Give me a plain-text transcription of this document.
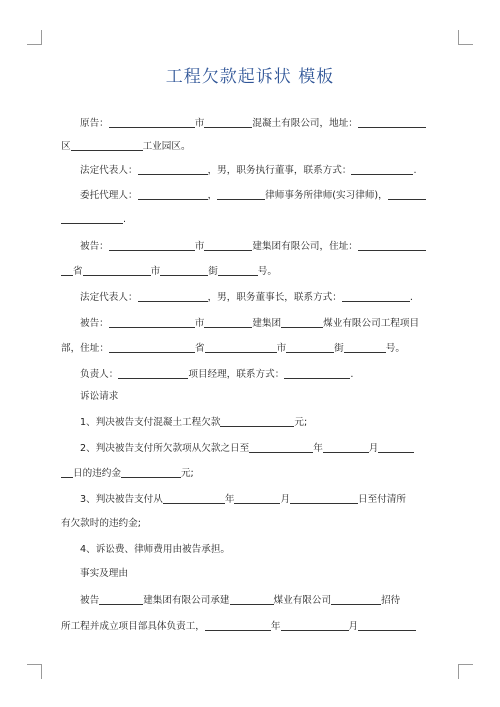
工程欠款起诉状 模板
原告：	市	混凝土有限公司，地址：
区	工业园区。
法定代表人：	，男，职务执行董事，联系方式：	.
委托代理人：	，	律师事务所律师(实习律师)，
.
被告：	市	建集团有限公司，住址：
省	市	街	号。
法定代表人：	，男，职务董事长，联系方式：	.
被告：	市	建集团	煤业有限公司工程项目
部，住址：	省	市	街	号。
负责人：	项目经理，联系方式：	.
诉讼请求
1、判决被告支付混凝土工程欠款	元;
2、判决被告支付所欠款项从欠款之日至	年	月
日的违约金	元;
3、判决被告支付从	年	月	日至付清所
有欠款时的违约金;
4、诉讼费、律师费用由被告承担。
事实及理由
被告	建集团有限公司承建	煤业有限公司	招待
所工程并成立项目部具体负责工，	年	月
